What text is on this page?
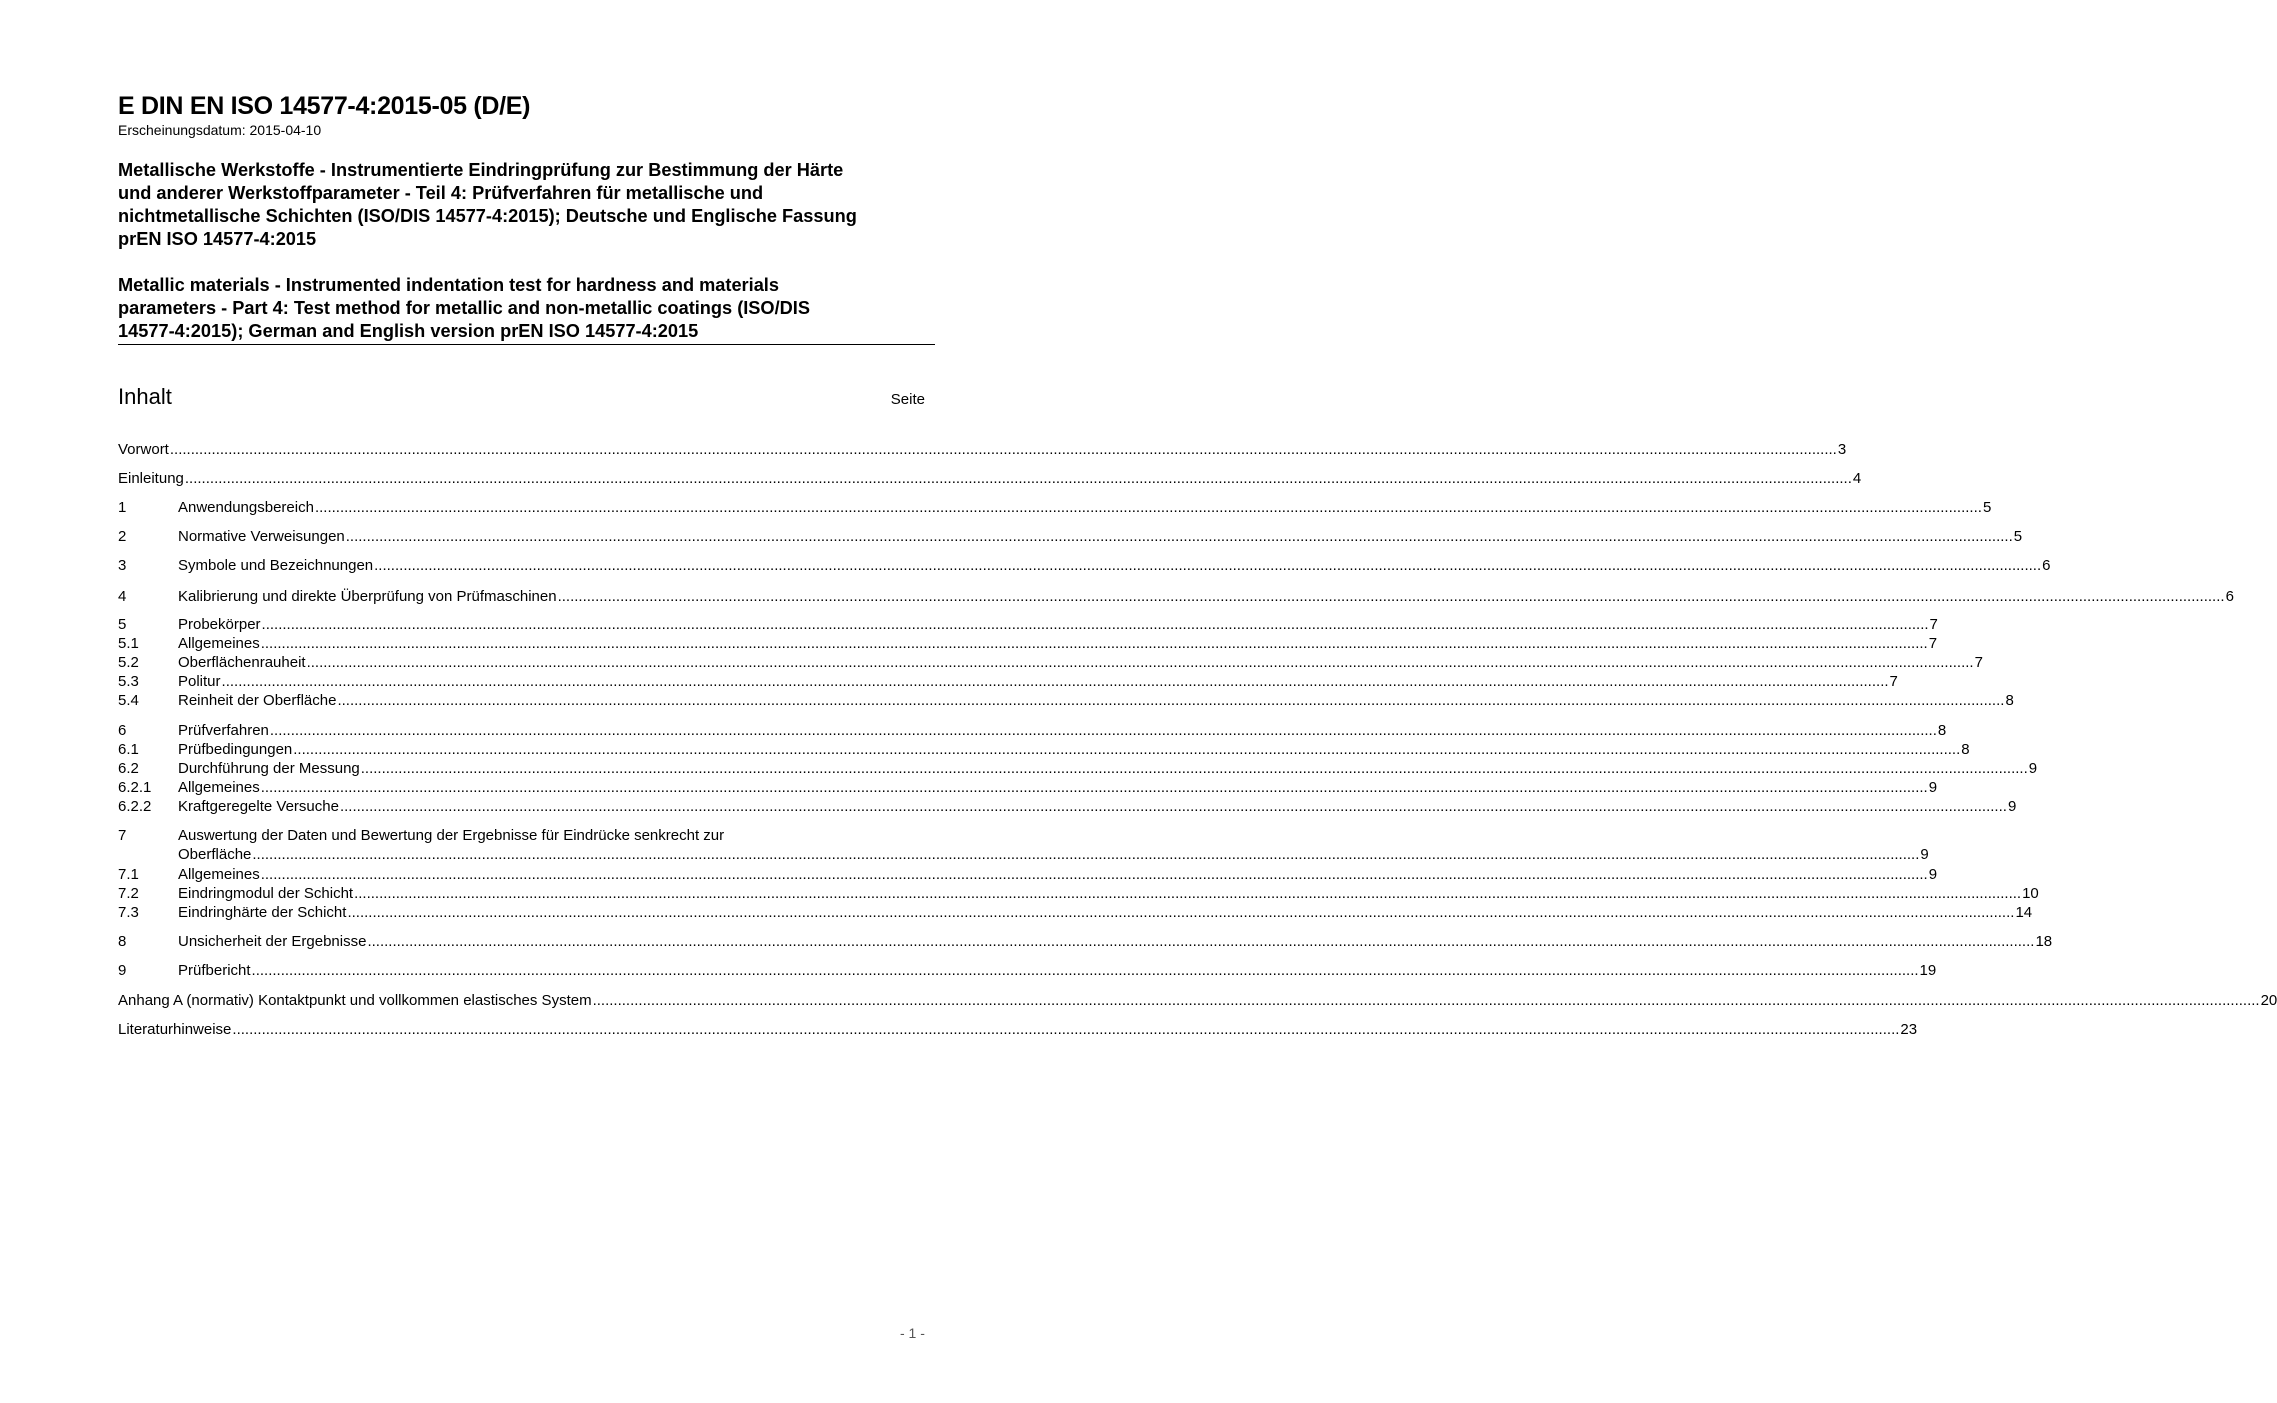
E DIN EN ISO 14577-4:2015-05 (D/E)
Erscheinungsdatum: 2015-04-10
Metallische Werkstoffe - Instrumentierte Eindringprüfung zur Bestimmung der Härte
und anderer Werkstoffparameter - Teil 4: Prüfverfahren für metallische und
nichtmetallische Schichten (ISO/DIS 14577-4:2015); Deutsche und Englische Fassung
prEN ISO 14577-4:2015
Metallic materials - Instrumented indentation test for hardness and materials
parameters - Part 4: Test method for metallic and non-metallic coatings (ISO/DIS
14577-4:2015); German and English version prEN ISO 14577-4:2015
Inhalt	Seite
Vorwort ................................................................................................................................................................................................................................................................................................................................................................................................................ 3
Einleitung ................................................................................................................................................................................................................................................................................................................................................................................................................ 4
1	Anwendungsbereich ................................................................................................................................................................................................................................................................................................................................................................................................................ 5
2	Normative Verweisungen ................................................................................................................................................................................................................................................................................................................................................................................................................ 5
3	Symbole und Bezeichnungen ................................................................................................................................................................................................................................................................................................................................................................................................................ 6
4	Kalibrierung und direkte Überprüfung von Prüfmaschinen ................................................................................................................................................................................................................................................................................................................................................................................................................ 6
5	Probekörper ................................................................................................................................................................................................................................................................................................................................................................................................................ 7
5.1	Allgemeines ................................................................................................................................................................................................................................................................................................................................................................................................................ 7
5.2	Oberflächenrauheit ................................................................................................................................................................................................................................................................................................................................................................................................................ 7
5.3	Politur ................................................................................................................................................................................................................................................................................................................................................................................................................ 7
5.4	Reinheit der Oberfläche ................................................................................................................................................................................................................................................................................................................................................................................................................ 8
6	Prüfverfahren ................................................................................................................................................................................................................................................................................................................................................................................................................ 8
6.1	Prüfbedingungen ................................................................................................................................................................................................................................................................................................................................................................................................................ 8
6.2	Durchführung der Messung ................................................................................................................................................................................................................................................................................................................................................................................................................ 9
6.2.1 Allgemeines ................................................................................................................................................................................................................................................................................................................................................................................................................ 9
6.2.2 Kraftgeregelte Versuche ................................................................................................................................................................................................................................................................................................................................................................................................................ 9
7	Auswertung der Daten und Bewertung der Ergebnisse für Eindrücke senkrecht zur
Oberfläche ................................................................................................................................................................................................................................................................................................................................................................................................................ 9
7.1	Allgemeines ................................................................................................................................................................................................................................................................................................................................................................................................................ 9
7.2	Eindringmodul der Schicht ................................................................................................................................................................................................................................................................................................................................................................................................................ 10
7.3	Eindringhärte der Schicht ................................................................................................................................................................................................................................................................................................................................................................................................................ 14
8	Unsicherheit der Ergebnisse ................................................................................................................................................................................................................................................................................................................................................................................................................ 18
9	Prüfbericht ................................................................................................................................................................................................................................................................................................................................................................................................................ 19
Anhang A (normativ) Kontaktpunkt und vollkommen elastisches System ................................................................................................................................................................................................................................................................................................................................................................................................................ 20
Literaturhinweise ................................................................................................................................................................................................................................................................................................................................................................................................................ 23
- 1 -
